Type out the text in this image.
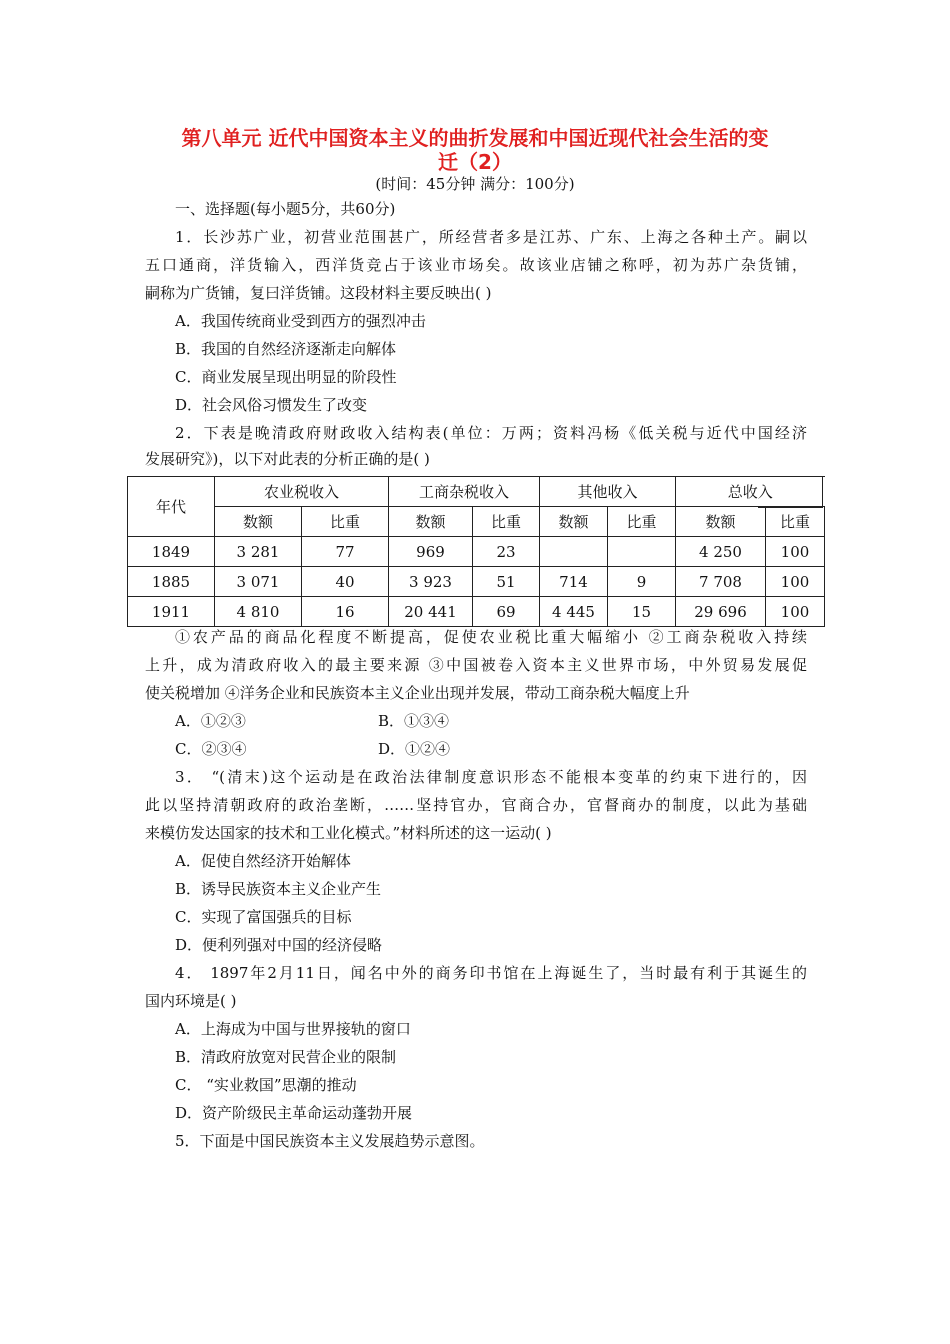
第八单元 近代中国资本主义的曲折发展和中国近现代社会生活的变
迁（2）
(时间：45分钟 满分：100分)
一、选择题(每小题5分，共60分)
1．长沙苏广业，初营业范围甚广，所经营者多是江苏、广东、上海之各种土产。嗣以
五口通商，洋货输入，西洋货竞占于该业市场矣。故该业店铺之称呼，初为苏广杂货铺，
嗣称为广货铺，复曰洋货铺。这段材料主要反映出( )
A．我国传统商业受到西方的强烈冲击
B．我国的自然经济逐渐走向解体
C．商业发展呈现出明显的阶段性
D．社会风俗习惯发生了改变
2．下表是晚清政府财政收入结构表(单位：万两；资料冯杨《低关税与近代中国经济
发展研究》)，以下对此表的分析正确的是( )
年代	农业税收入		工商杂税收入		其他收入		总收入	
	数额	比重	数额	比重	数额	比重	数额	比重
1849	3 281	77	969	23			4 250	100
1885	3 071	40	3 923	51	714	9	7 708	100
1911	4 810	16	20 441	69	4 445	15	29 696	100
①农产品的商品化程度不断提高，促使农业税比重大幅缩小 ②工商杂税收入持续
上升，成为清政府收入的最主要来源 ③中国被卷入资本主义世界市场，中外贸易发展促
使关税增加 ④洋务企业和民族资本主义企业出现并发展，带动工商杂税大幅度上升
A．①②③	B．①③④
C．②③④	D．①②④
3． “(清末)这个运动是在政治法律制度意识形态不能根本变革的约束下进行的，因
此以坚持清朝政府的政治垄断，……坚持官办，官商合办，官督商办的制度，以此为基础
来模仿发达国家的技术和工业化模式。”材料所述的这一运动( )
A．促使自然经济开始解体
B．诱导民族资本主义企业产生
C．实现了富国强兵的目标
D．便利列强对中国的经济侵略
4． 1897年2月11日，闻名中外的商务印书馆在上海诞生了，当时最有利于其诞生的
国内环境是( )
A．上海成为中国与世界接轨的窗口
B．清政府放宽对民营企业的限制
C． “实业救国”思潮的推动
D．资产阶级民主革命运动蓬勃开展
5．下面是中国民族资本主义发展趋势示意图。
